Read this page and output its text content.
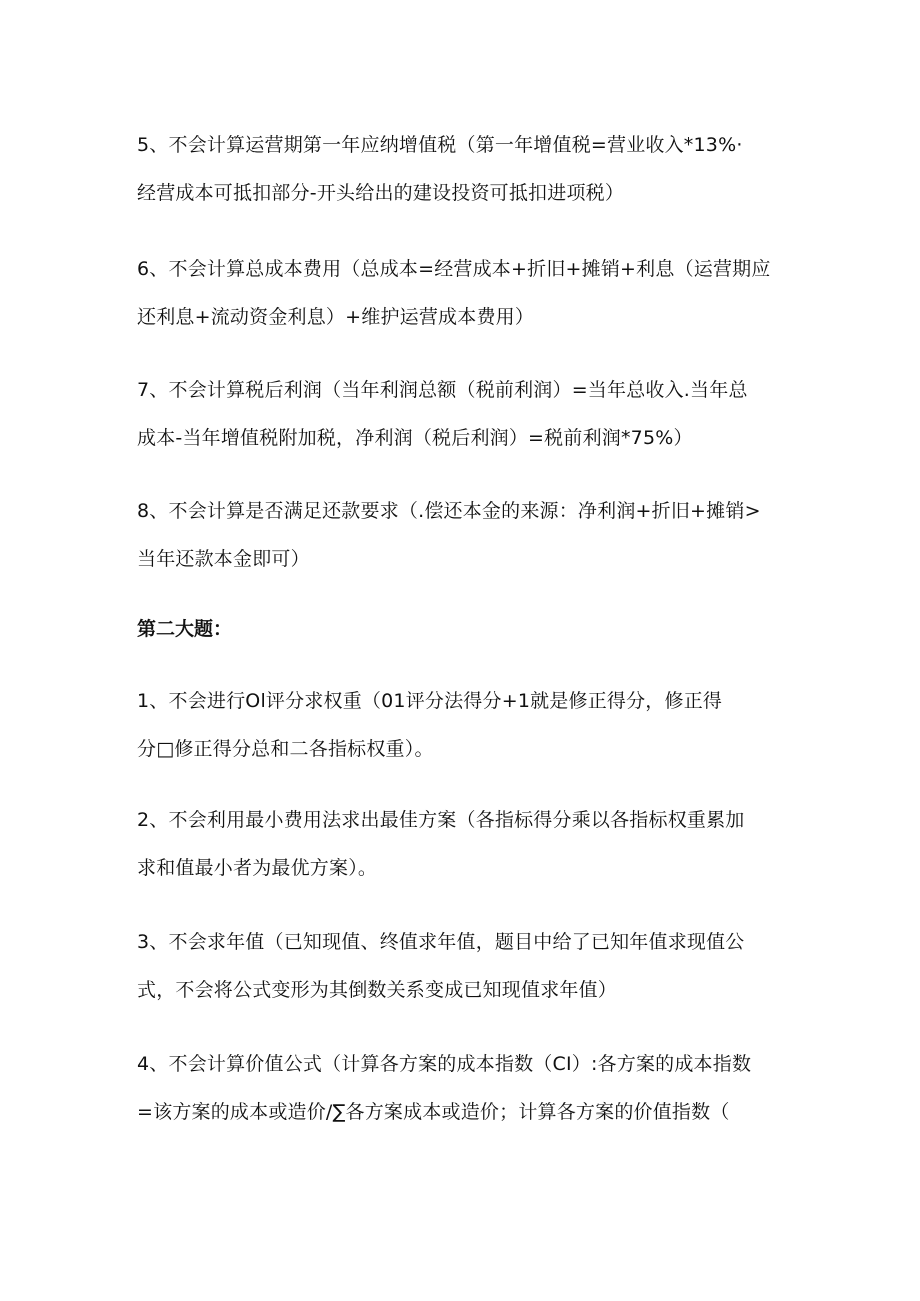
5、不会计算运营期第一年应纳增值税（第一年增值税=营业收入*13%·
经营成本可抵扣部分-开头给出的建设投资可抵扣进项税）
6、不会计算总成本费用（总成本=经营成本+折旧+摊销+利息（运营期应
还利息+流动资金利息）+维护运营成本费用）
7、不会计算税后利润（当年利润总额（税前利润）=当年总收入.当年总
成本-当年增值税附加税，净利润（税后利润）=税前利润*75%）
8、不会计算是否满足还款要求（.偿还本金的来源：净利润+折旧+摊销>
当年还款本金即可）
第二大题：
1、不会进行Ol评分求权重（01评分法得分+1就是修正得分，修正得
分□修正得分总和二各指标权重）。
2、不会利用最小费用法求出最佳方案（各指标得分乘以各指标权重累加
求和值最小者为最优方案）。
3、不会求年值（已知现值、终值求年值，题目中给了已知年值求现值公
式，不会将公式变形为其倒数关系变成已知现值求年值）
4、不会计算价值公式（计算各方案的成本指数（CI）:各方案的成本指数
=该方案的成本或造价/∑各方案成本或造价；计算各方案的价值指数（
